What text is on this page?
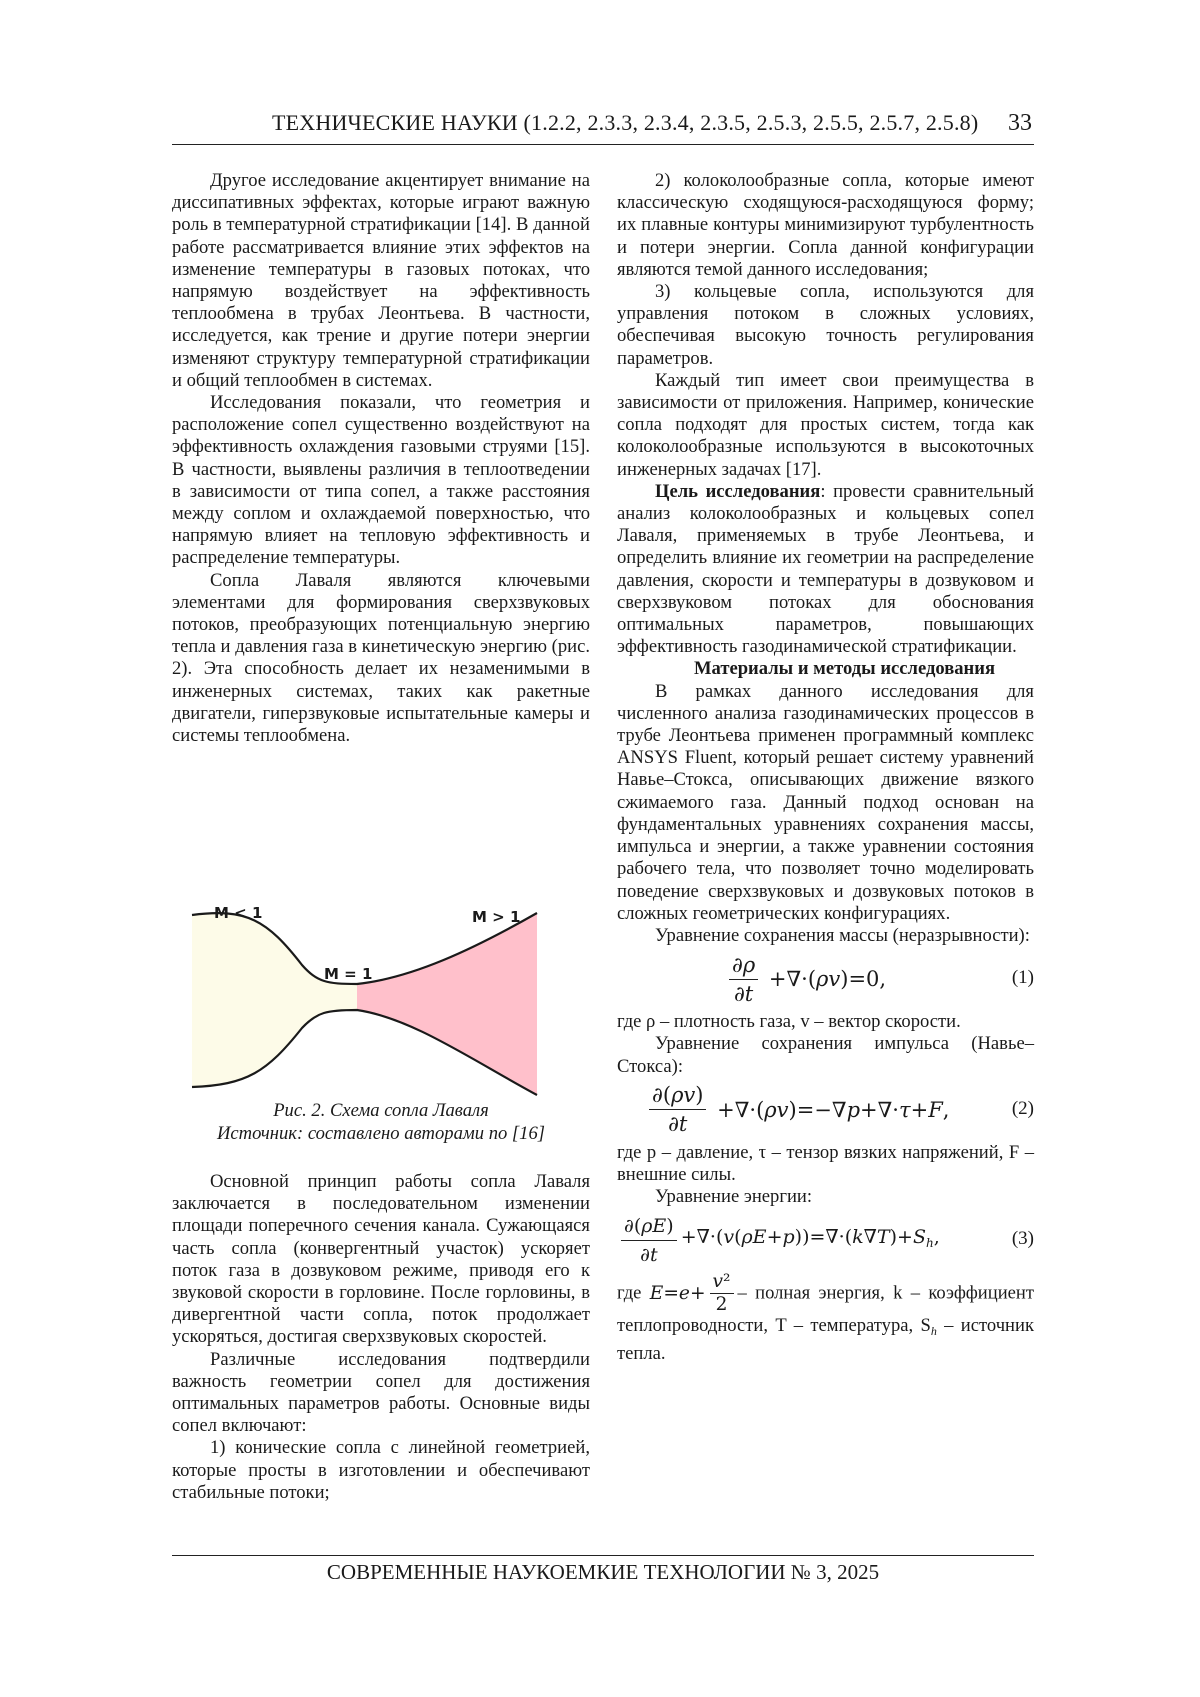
ТЕХНИЧЕСКИЕ НАУКИ (1.2.2, 2.3.3, 2.3.4, 2.3.5, 2.5.3, 2.5.5, 2.5.7, 2.5.8) 33

Другое исследование акцентирует внимание на диссипативных эффектах, которые играют важную роль в температурной стратификации [14]. В данной работе рассматривается влияние этих эффектов на изменение температуры в газовых потоках, что напрямую воздействует на эффективность теплообмена в трубах Леонтьева. В частности, исследуется, как трение и другие потери энергии изменяют структуру температурной стратификации и общий теплообмен в системах.

Исследования показали, что геометрия и расположение сопел существенно воздействуют на эффективность охлаждения газовыми струями [15]. В частности, выявлены различия в теплоотведении в зависимости от типа сопел, а также расстояния между соплом и охлаждаемой поверхностью, что напрямую влияет на тепловую эффективность и распределение температуры.

Сопла Лаваля являются ключевыми элементами для формирования сверхзвуковых потоков, преобразующих потенциальную энергию тепла и давления газа в кинетическую энергию (рис. 2). Эта способность делает их незаменимыми в инженерных системах, таких как ракетные двигатели, гиперзвуковые испытательные камеры и системы теплообмена.

M < 1
M = 1
M > 1
Рис. 2. Схема сопла Лаваля
Источник: составлено авторами по [16]

Основной принцип работы сопла Лаваля заключается в последовательном изменении площади поперечного сечения канала. Сужающаяся часть сопла (конвергентный участок) ускоряет поток газа в дозвуковом режиме, приводя его к звуковой скорости в горловине. После горловины, в дивергентной части сопла, поток продолжает ускоряться, достигая сверхзвуковых скоростей.

Различные исследования подтвердили важность геометрии сопел для достижения оптимальных параметров работы. Основные виды сопел включают:

1) конические сопла с линейной геометрией, которые просты в изготовлении и обеспечивают стабильные потоки;

2) колоколообразные сопла, которые имеют классическую сходящуюся-расходящуюся форму; их плавные контуры минимизируют турбулентность и потери энергии. Сопла данной конфигурации являются темой данного исследования;

3) кольцевые сопла, используются для управления потоком в сложных условиях, обеспечивая высокую точность регулирования параметров.

Каждый тип имеет свои преимущества в зависимости от приложения. Например, конические сопла подходят для простых систем, тогда как колоколообразные используются в высокоточных инженерных задачах [17].

Цель исследования: провести сравнительный анализ колоколообразных и кольцевых сопел Лаваля, применяемых в трубе Леонтьева, и определить влияние их геометрии на распределение давления, скорости и температуры в дозвуковом и сверхзвуковом потоках для обоснования оптимальных параметров, повышающих эффективность газодинамической стратификации.

Материалы и методы исследования

В рамках данного исследования для численного анализа газодинамических процессов в трубе Леонтьева применен программный комплекс ANSYS Fluent, который решает систему уравнений Навье–Стокса, описывающих движение вязкого сжимаемого газа. Данный подход основан на фундаментальных уравнениях сохранения массы, импульса и энергии, а также уравнении состояния рабочего тела, что позволяет точно моделировать поведение сверхзвуковых и дозвуковых потоков в сложных геометрических конфигурациях.

Уравнение сохранения массы (неразрывности):

$\frac{\partial\rho}{\partial t} +\nabla\cdot(\rho v)=0$,	(1)

где ρ – плотность газа, v – вектор скорости.

Уравнение сохранения импульса (Навье–Стокса):

$\frac{\partial(\rho v)}{\partial t} +\nabla\cdot(\rho v)=-\nabla p+\nabla\cdot\tau+F$,	(2)

где p – давление, τ – тензор вязких напряжений, F – внешние силы.

Уравнение энергии:

$\frac{\partial(\rho E)}{\partial t} +\nabla\cdot(v(\rho E+p))=\nabla\cdot(k\nabla T)+S_h$,	(3)

где $E=e+ \frac{\text{v²}}{2}$ – полная энергия, k – коэффициент теплопроводности, T – температура, $S_h$ – источник тепла.

СОВРЕМЕННЫЕ НАУКОЕМКИЕ ТЕХНОЛОГИИ № 3, 2025
